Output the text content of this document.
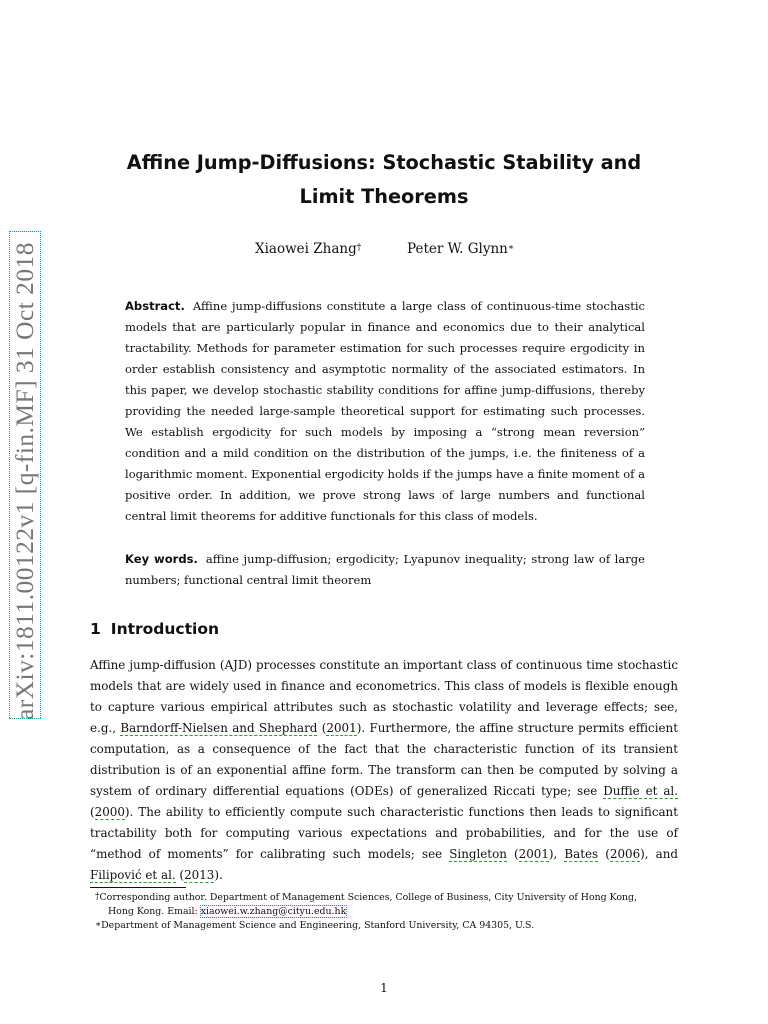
arXiv:1811.00122v1 [q-fin.MF] 31 Oct 2018
Affine Jump-Diffusions: Stochastic Stability and Limit Theorems
Xiaowei Zhang†	Peter W. Glynn∗

Abstract. Affine jump-diffusions constitute a large class of continuous-time stochastic models that are particularly popular in finance and economics due to their analytical tractability. Methods for parameter estimation for such processes require ergodicity in order establish consistency and asymptotic normality of the associated estimators. In this paper, we develop stochastic stability conditions for affine jump-diffusions, thereby providing the needed large-sample theoretical support for estimating such processes. We establish ergodicity for such models by imposing a “strong mean reversion” condition and a mild condition on the distribution of the jumps, i.e. the finiteness of a logarithmic moment. Exponential ergodicity holds if the jumps have a finite moment of a positive order. In addition, we prove strong laws of large numbers and functional central limit theorems for additive functionals for this class of models.

Key words. affine jump-diffusion; ergodicity; Lyapunov inequality; strong law of large numbers; functional central limit theorem

1 Introduction

Affine jump-diffusion (AJD) processes constitute an important class of continuous time stochastic models that are widely used in finance and econometrics. This class of models is flexible enough to capture various empirical attributes such as stochastic volatility and leverage effects; see, e.g., Barndorff-Nielsen and Shephard (2001). Furthermore, the affine structure permits efficient computation, as a consequence of the fact that the characteristic function of its transient distribution is of an exponential affine form. The transform can then be computed by solving a system of ordinary differential equations (ODEs) of generalized Riccati type; see Duffie et al. (2000). The ability to efficiently compute such characteristic functions then leads to significant tractability both for computing various expectations and probabilities, and for the use of “method of moments” for calibrating such models; see Singleton (2001), Bates (2006), and Filipović et al. (2013).

†Corresponding author. Department of Management Sciences, College of Business, City University of Hong Kong,
Hong Kong. Email: xiaowei.w.zhang@cityu.edu.hk

∗Department of Management Science and Engineering, Stanford University, CA 94305, U.S.

1
